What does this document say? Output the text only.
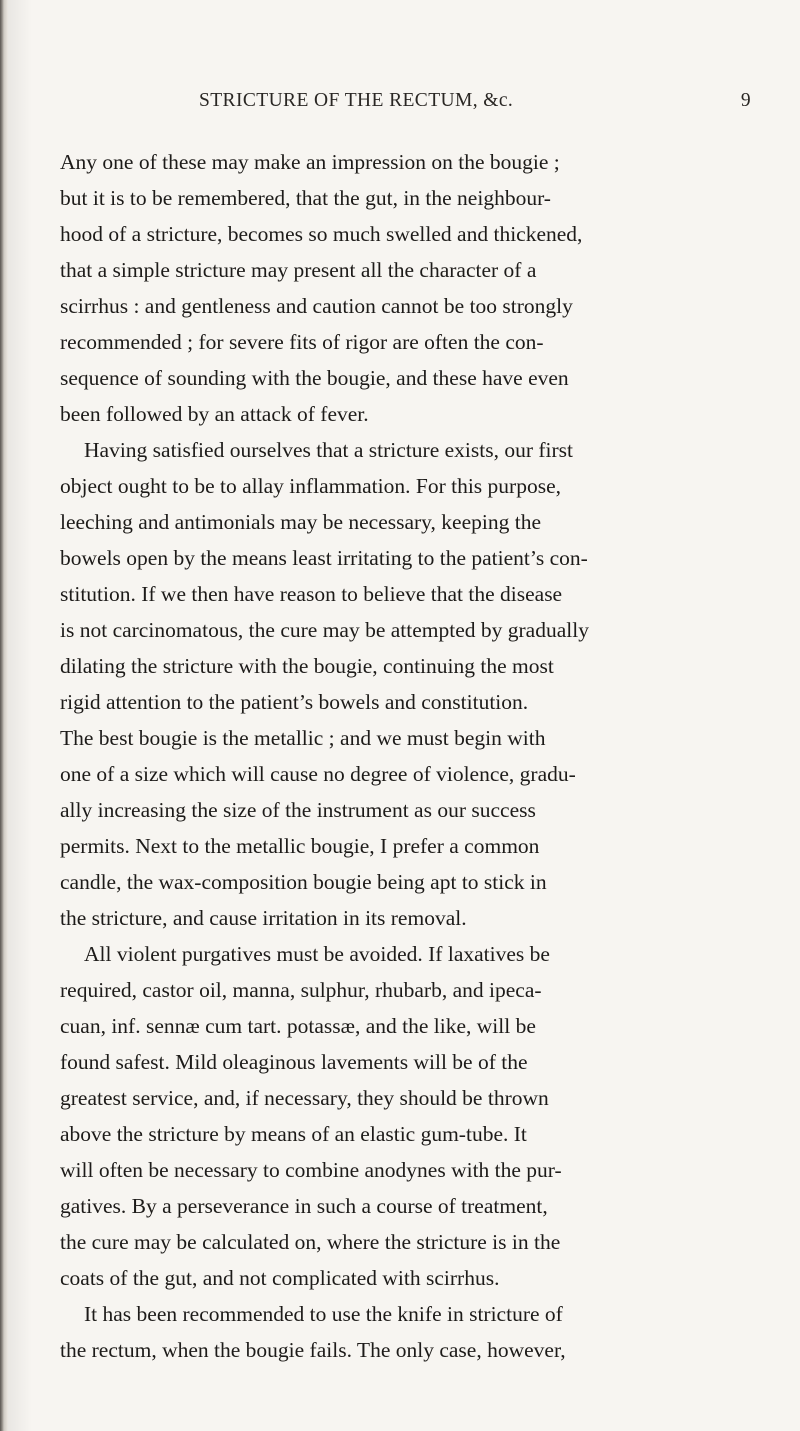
STRICTURE OF THE RECTUM, &c.	9
Any one of these may make an impression on the bougie ;
but it is to be remembered, that the gut, in the neighbour-
hood of a stricture, becomes so much swelled and thickened,
that a simple stricture may present all the character of a
scirrhus : and gentleness and caution cannot be too strongly
recommended ; for severe fits of rigor are often the con-
sequence of sounding with the bougie, and these have even
been followed by an attack of fever.
Having satisfied ourselves that a stricture exists, our first
object ought to be to allay inflammation. For this purpose,
leeching and antimonials may be necessary, keeping the
bowels open by the means least irritating to the patient’s con-
stitution. If we then have reason to believe that the disease
is not carcinomatous, the cure may be attempted by gradually
dilating the stricture with the bougie, continuing the most
rigid attention to the patient’s bowels and constitution.
The best bougie is the metallic ; and we must begin with
one of a size which will cause no degree of violence, gradu-
ally increasing the size of the instrument as our success
permits. Next to the metallic bougie, I prefer a common
candle, the wax-composition bougie being apt to stick in
the stricture, and cause irritation in its removal.
All violent purgatives must be avoided. If laxatives be
required, castor oil, manna, sulphur, rhubarb, and ipeca-
cuan, inf. sennæ cum tart. potassæ, and the like, will be
found safest. Mild oleaginous lavements will be of the
greatest service, and, if necessary, they should be thrown
above the stricture by means of an elastic gum-tube. It
will often be necessary to combine anodynes with the pur-
gatives. By a perseverance in such a course of treatment,
the cure may be calculated on, where the stricture is in the
coats of the gut, and not complicated with scirrhus.
It has been recommended to use the knife in stricture of
the rectum, when the bougie fails. The only case, however,
